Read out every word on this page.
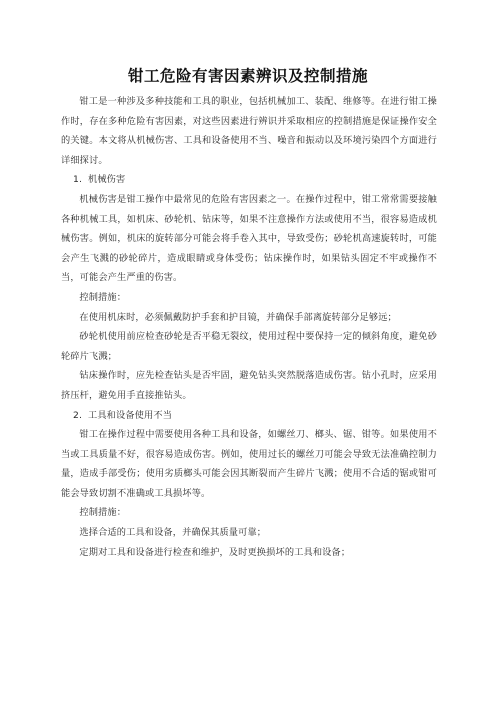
钳工危险有害因素辨识及控制措施

钳工是一种涉及多种技能和工具的职业，包括机械加工、装配、维修等。在进行钳工操作时，存在多种危险有害因素，对这些因素进行辨识并采取相应的控制措施是保证操作安全的关键。本文将从机械伤害、工具和设备使用不当、噪音和振动以及环境污染四个方面进行详细探讨。

1. 机械伤害

机械伤害是钳工操作中最常见的危险有害因素之一。在操作过程中，钳工常常需要接触各种机械工具，如机床、砂轮机、钻床等，如果不注意操作方法或使用不当，很容易造成机械伤害。例如，机床的旋转部分可能会将手卷入其中，导致受伤；砂轮机高速旋转时，可能会产生飞溅的砂轮碎片，造成眼睛或身体受伤；钻床操作时，如果钻头固定不牢或操作不当，可能会产生严重的伤害。

控制措施：

在使用机床时，必须佩戴防护手套和护目镜，并确保手部离旋转部分足够远；

砂轮机使用前应检查砂轮是否平稳无裂纹，使用过程中要保持一定的倾斜角度，避免砂轮碎片飞溅；

钻床操作时，应先检查钻头是否牢固，避免钻头突然脱落造成伤害。钻小孔时，应采用挤压杆，避免用手直接推钻头。

2. 工具和设备使用不当

钳工在操作过程中需要使用各种工具和设备，如螺丝刀、榔头、锯、钳等。如果使用不当或工具质量不好，很容易造成伤害。例如，使用过长的螺丝刀可能会导致无法准确控制力量，造成手部受伤；使用劣质榔头可能会因其断裂而产生碎片飞溅；使用不合适的锯或钳可能会导致切割不准确或工具损坏等。

控制措施：

选择合适的工具和设备，并确保其质量可靠；

定期对工具和设备进行检查和维护，及时更换损坏的工具和设备；
